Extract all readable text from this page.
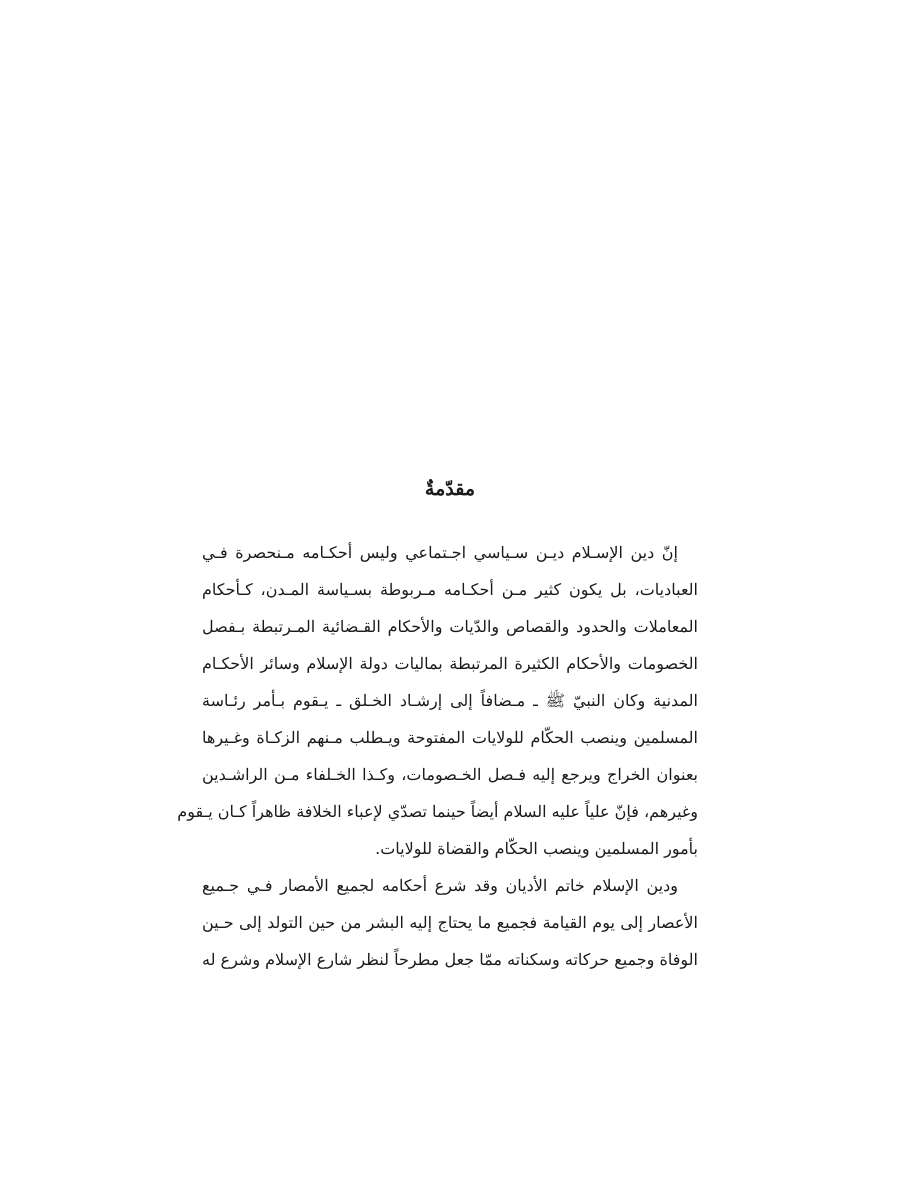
مقدّمةٌ
إنّ دين الإسـلام ديـن سـياسي اجـتماعي وليس أحكـامه مـنحصرة فـي
العباديات، بل يكون كثير مـن أحكـامه مـربوطة بسـياسة المـدن، كـأحكام
المعاملات والحدود والقصاص والدّيات والأحكام القـضائية المـرتبطة بـفصل
الخصومات والأحكام الكثيرة المرتبطة بماليات دولة الإسلام وسائر الأحكـام
المدنية وكان النبيّ ﷺ ـ مـضافاً إلى إرشـاد الخـلق ـ يـقوم بـأمر رئـاسة
المسلمين وينصب الحكّام للولايات المفتوحة ويـطلب مـنهم الزكـاة وغـيرها
بعنوان الخراج ويرجع إليه فـصل الخـصومات، وكـذا الخـلفاء مـن الراشـدين
وغيرهم، فإنّ علياً عليه السلام أيضاً حينما تصدّي لإعباء الخلافة ظاهراً كـان يـقوم
بأمور المسلمين وينصب الحكّام والقضاة للولايات.
ودين الإسلام خاتم الأديان وقد شرع أحكامه لجميع الأمصار فـي جـميع
الأعصار إلى يوم القيامة فجميع ما يحتاج إليه البشر من حين التولد إلى حـين
الوفاة وجميع حركاته وسكناته ممّا جعل مطرحاً لنظر شارع الإسلام وشرع له
